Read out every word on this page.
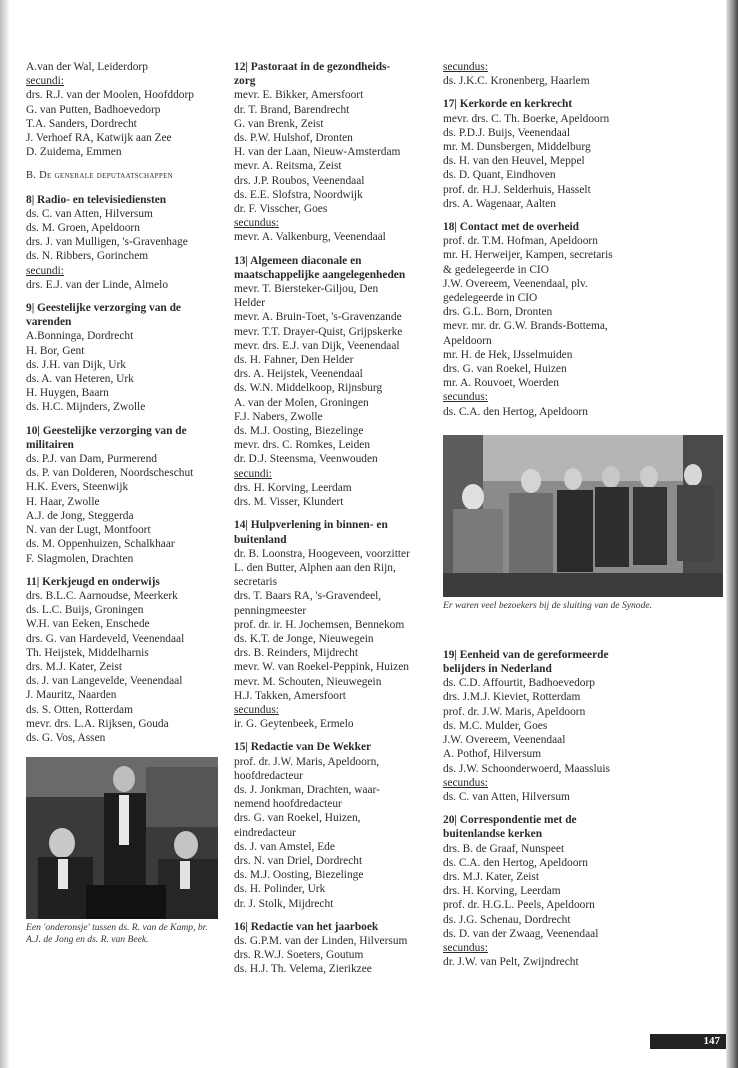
A.van der Wal, Leiderdorp
secundi:
drs. R.J. van der Moolen, Hoofddorp
G. van Putten, Badhoevedorp
T.A. Sanders, Dordrecht
J. Verhoef RA, Katwijk aan Zee
D. Zuidema, Emmen
B. De generale deputaatschappen
8| Radio- en televisiediensten
ds. C. van Atten, Hilversum
ds. M. Groen, Apeldoorn
drs. J. van Mulligen, 's-Gravenhage
ds. N. Ribbers, Gorinchem
secundi:
drs. E.J. van der Linde, Almelo
9| Geestelijke verzorging van de
varenden
A.Bonninga, Dordrecht
H. Bor, Gent
ds. J.H. van Dijk, Urk
ds. A. van Heteren, Urk
H. Huygen, Baarn
ds. H.C. Mijnders, Zwolle
10| Geestelijke verzorging van de
militairen
ds. P.J. van Dam, Purmerend
ds. P. van Dolderen, Noordscheschut
H.K. Evers, Steenwijk
H. Haar, Zwolle
A.J. de Jong, Steggerda
N. van der Lugt, Montfoort
ds. M. Oppenhuizen, Schalkhaar
F. Slagmolen, Drachten
11| Kerkjeugd en onderwijs
drs. B.L.C. Aarnoudse, Meerkerk
ds. L.C. Buijs, Groningen
W.H. van Eeken, Enschede
drs. G. van Hardeveld, Veenendaal
Th. Heijstek, Middelharnis
drs. M.J. Kater, Zeist
ds. J. van Langevelde, Veenendaal
J. Mauritz, Naarden
ds. S. Otten, Rotterdam
mevr. drs. L.A. Rijksen, Gouda
ds. G. Vos, Assen
Een 'onderonsje' tussen ds. R. van de Kamp, br. A.J. de Jong en ds. R. van Beek.
12| Pastoraat in de gezondheids-
zorg
mevr. E. Bikker, Amersfoort
dr. T. Brand, Barendrecht
G. van Brenk, Zeist
ds. P.W. Hulshof, Dronten
H. van der Laan, Nieuw-Amsterdam
mevr. A. Reitsma, Zeist
drs. J.P. Roubos, Veenendaal
ds. E.E. Slofstra, Noordwijk
dr. F. Visscher, Goes
secundus:
mevr. A. Valkenburg, Veenendaal
13| Algemeen diaconale en
maatschappelijke aangelegenheden
mevr. T. Biersteker-Giljou, Den
Helder
mevr. A. Bruin-Toet, 's-Gravenzande
mevr. T.T. Drayer-Quist, Grijpskerke
mevr. drs. E.J. van Dijk, Veenendaal
ds. H. Fahner, Den Helder
drs. A. Heijstek, Veenendaal
ds. W.N. Middelkoop, Rijnsburg
A. van der Molen, Groningen
F.J. Nabers, Zwolle
ds. M.J. Oosting, Biezelinge
mevr. drs. C. Romkes, Leiden
dr. D.J. Steensma, Veenwouden
secundi:
drs. H. Korving, Leerdam
drs. M. Visser, Klundert
14| Hulpverlening in binnen- en
buitenland
dr. B. Loonstra, Hoogeveen, voorzitter
L. den Butter, Alphen aan den Rijn,
secretaris
drs. T. Baars RA, 's-Gravendeel,
penningmeester
prof. dr. ir. H. Jochemsen, Bennekom
ds. K.T. de Jonge, Nieuwegein
drs. B. Reinders, Mijdrecht
mevr. W. van Roekel-Peppink, Huizen
mevr. M. Schouten, Nieuwegein
H.J. Takken, Amersfoort
secundus:
ir. G. Geytenbeek, Ermelo
15| Redactie van De Wekker
prof. dr. J.W. Maris, Apeldoorn,
hoofdredacteur
ds. J. Jonkman, Drachten, waar-
nemend hoofdredacteur
drs. G. van Roekel, Huizen,
eindredacteur
ds. J. van Amstel, Ede
drs. N. van Driel, Dordrecht
ds. M.J. Oosting, Biezelinge
ds. H. Polinder, Urk
dr. J. Stolk, Mijdrecht
16| Redactie van het jaarboek
ds. G.P.M. van der Linden, Hilversum
drs. R.W.J. Soeters, Goutum
ds. H.J. Th. Velema, Zierikzee
secundus:
ds. J.K.C. Kronenberg, Haarlem
17| Kerkorde en kerkrecht
mevr. drs. C. Th. Boerke, Apeldoorn
ds. P.D.J. Buijs, Veenendaal
mr. M. Dunsbergen, Middelburg
ds. H. van den Heuvel, Meppel
ds. D. Quant, Eindhoven
prof. dr. H.J. Selderhuis, Hasselt
drs. A. Wagenaar, Aalten
18| Contact met de overheid
prof. dr. T.M. Hofman, Apeldoorn
mr. H. Herweijer, Kampen, secretaris
& gedelegeerde in CIO
J.W. Overeem, Veenendaal, plv.
gedelegeerde in CIO
drs. G.L. Born, Dronten
mevr. mr. dr. G.W. Brands-Bottema,
Apeldoorn
mr. H. de Hek, IJsselmuiden
drs. G. van Roekel, Huizen
mr. A. Rouvoet, Woerden
secundus:
ds. C.A. den Hertog, Apeldoorn
Er waren veel bezoekers bij de sluiting van de Synode.
19| Eenheid van de gereformeerde
belijders in Nederland
ds. C.D. Affourtit, Badhoevedorp
drs. J.M.J. Kieviet, Rotterdam
prof. dr. J.W. Maris, Apeldoorn
ds. M.C. Mulder, Goes
J.W. Overeem, Veenendaal
A. Pothof, Hilversum
ds. J.W. Schoonderwoerd, Maassluis
secundus:
ds. C. van Atten, Hilversum
20| Correspondentie met de
buitenlandse kerken
drs. B. de Graaf, Nunspeet
ds. C.A. den Hertog, Apeldoorn
drs. M.J. Kater, Zeist
drs. H. Korving, Leerdam
prof. dr. H.G.L. Peels, Apeldoorn
ds. J.G. Schenau, Dordrecht
ds. D. van der Zwaag, Veenendaal
secundus:
dr. J.W. van Pelt, Zwijndrecht
147
